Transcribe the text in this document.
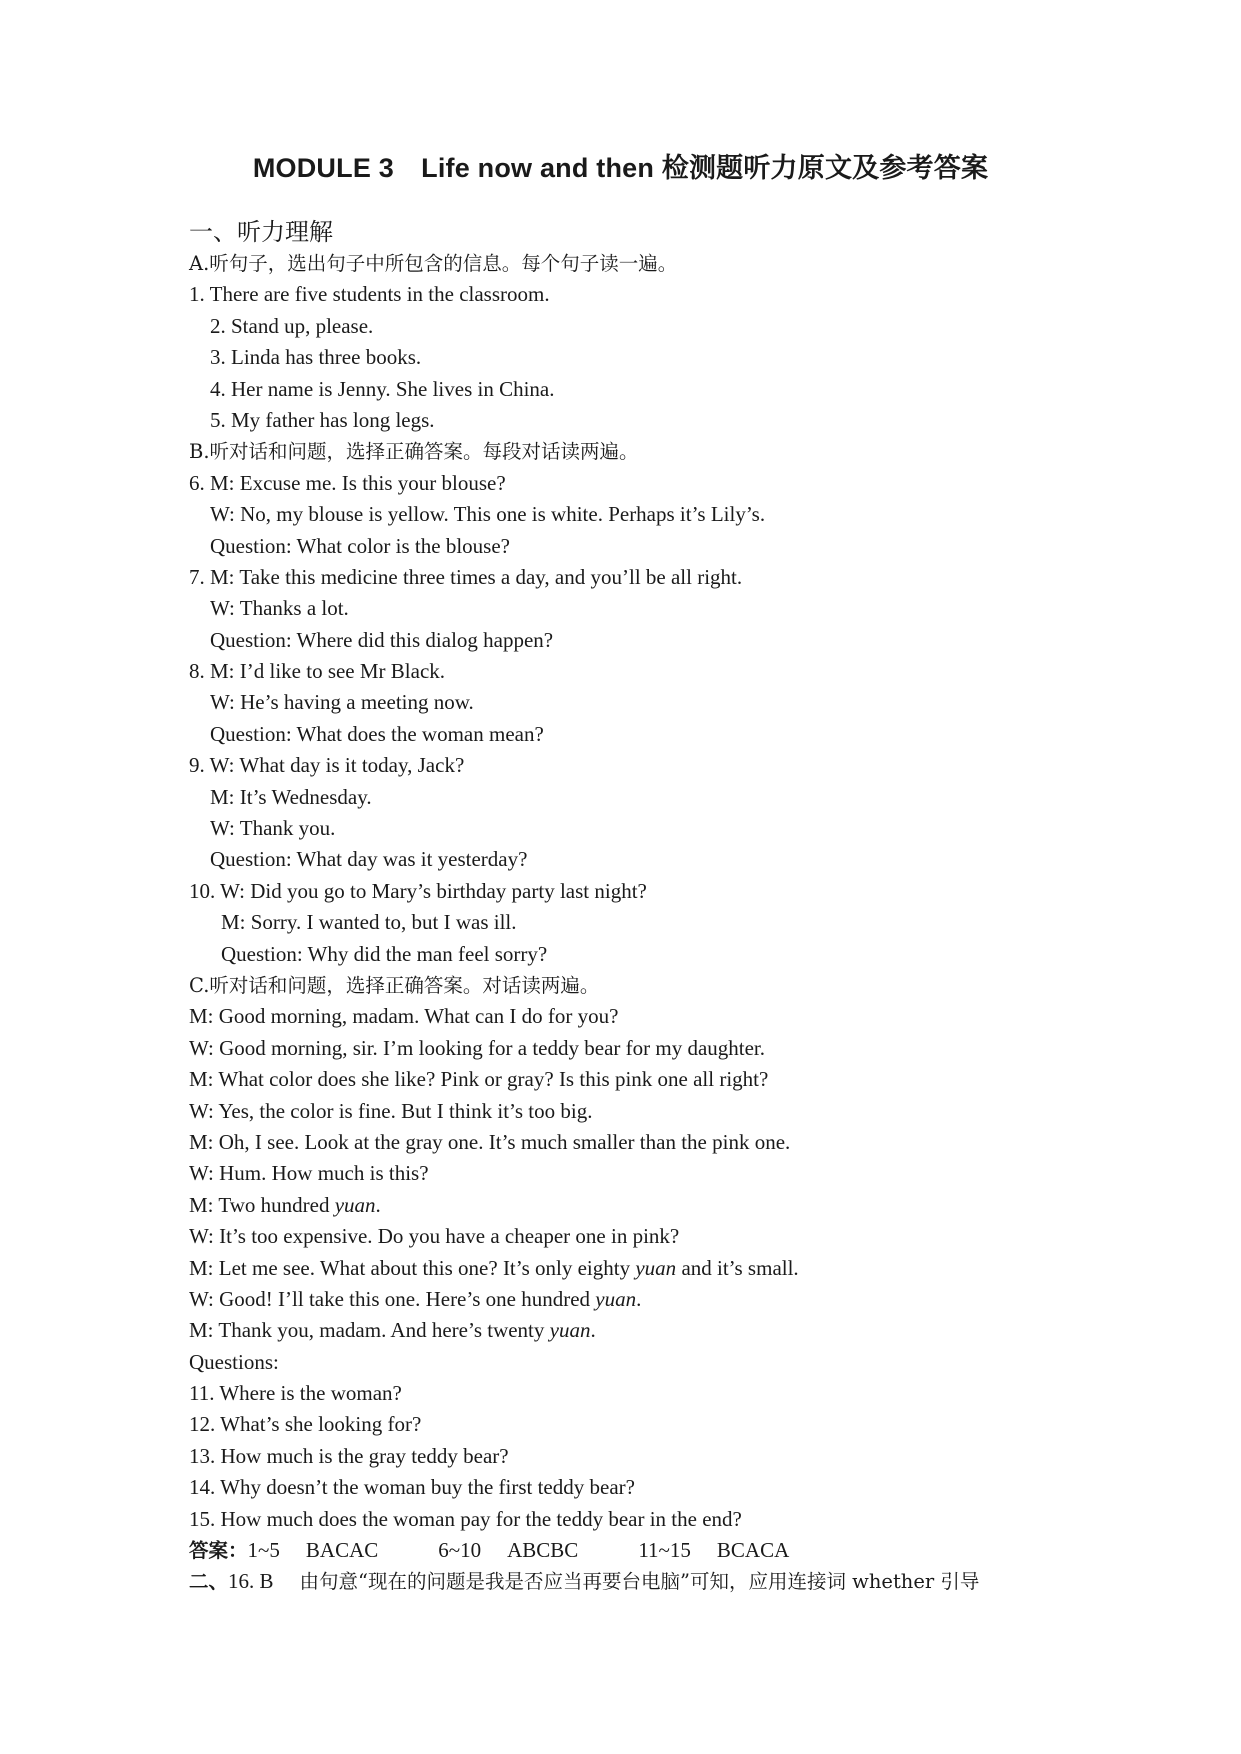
MODULE 3　Life now and then 检测题听力原文及参考答案
一、听力理解
A.听句子，选出句子中所包含的信息。每个句子读一遍。
1. There are five students in the classroom.
2. Stand up, please.
3. Linda has three books.
4. Her name is Jenny. She lives in China.
5. My father has long legs.
B.听对话和问题，选择正确答案。每段对话读两遍。
6. M: Excuse me. Is this your blouse?
W: No, my blouse is yellow. This one is white. Perhaps it’s Lily’s.
Question: What color is the blouse?
7. M: Take this medicine three times a day, and you’ll be all right.
W: Thanks a lot.
Question: Where did this dialog happen?
8. M: I’d like to see Mr Black.
W: He’s having a meeting now.
Question: What does the woman mean?
9. W: What day is it today, Jack?
M: It’s Wednesday.
W: Thank you.
Question: What day was it yesterday?
10. W: Did you go to Mary’s birthday party last night?
M: Sorry. I wanted to, but I was ill.
Question: Why did the man feel sorry?
C.听对话和问题，选择正确答案。对话读两遍。
M: Good morning, madam. What can I do for you?
W: Good morning, sir. I’m looking for a teddy bear for my daughter.
M: What color does she like? Pink or gray? Is this pink one all right?
W: Yes, the color is fine. But I think it’s too big.
M: Oh, I see. Look at the gray one. It’s much smaller than the pink one.
W: Hum. How much is this?
M: Two hundred yuan.
W: It’s too expensive. Do you have a cheaper one in pink?
M: Let me see. What about this one? It’s only eighty yuan and it’s small.
W: Good! I’ll take this one. Here’s one hundred yuan.
M: Thank you, madam. And here’s twenty yuan.
Questions:
11. Where is the woman?
12. What’s she looking for?
13. How much is the gray teddy bear?
14. Why doesn’t the woman buy the first teddy bear?
15. How much does the woman pay for the teddy bear in the end?
答案：1~5 BACAC	6~10 ABCBC	11~15 BCACA
二、16. B 由句意“现在的问题是我是否应当再要台电脑”可知，应用连接词 whether 引导
